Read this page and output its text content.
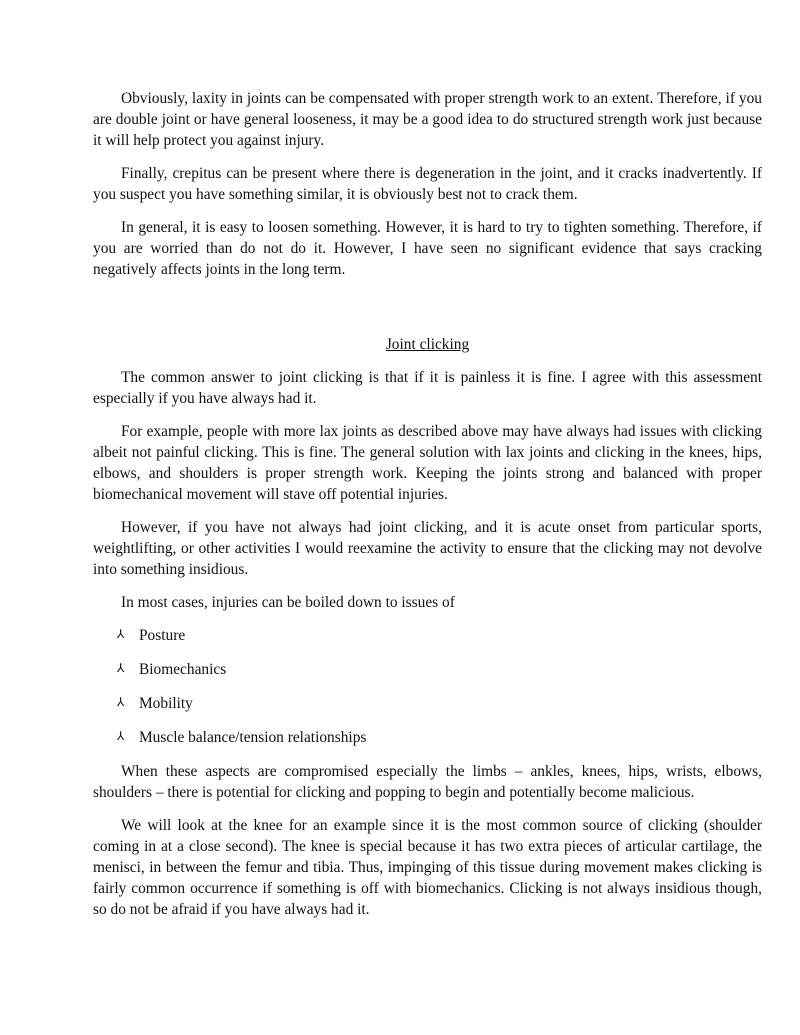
Obviously, laxity in joints can be compensated with proper strength work to an extent. Therefore, if you are double joint or have general looseness, it may be a good idea to do structured strength work just because it will help protect you against injury.

Finally, crepitus can be present where there is degeneration in the joint, and it cracks inadvertently. If you suspect you have something similar, it is obviously best not to crack them.

In general, it is easy to loosen something. However, it is hard to try to tighten something. Therefore, if you are worried than do not do it. However, I have seen no significant evidence that says cracking negatively affects joints in the long term.

Joint clicking

The common answer to joint clicking is that if it is painless it is fine. I agree with this assessment especially if you have always had it.

For example, people with more lax joints as described above may have always had issues with clicking albeit not painful clicking. This is fine. The general solution with lax joints and clicking in the knees, hips, elbows, and shoulders is proper strength work. Keeping the joints strong and balanced with proper biomechanical movement will stave off potential injuries.

However, if you have not always had joint clicking, and it is acute onset from particular sports, weightlifting, or other activities I would reexamine the activity to ensure that the clicking may not devolve into something insidious.

In most cases, injuries can be boiled down to issues of

⅄ Posture
⅄ Biomechanics
⅄ Mobility
⅄ Muscle balance/tension relationships

When these aspects are compromised especially the limbs – ankles, knees, hips, wrists, elbows, shoulders – there is potential for clicking and popping to begin and potentially become malicious.

We will look at the knee for an example since it is the most common source of clicking (shoulder coming in at a close second). The knee is special because it has two extra pieces of articular cartilage, the menisci, in between the femur and tibia. Thus, impinging of this tissue during movement makes clicking is fairly common occurrence if something is off with biomechanics. Clicking is not always insidious though, so do not be afraid if you have always had it.
